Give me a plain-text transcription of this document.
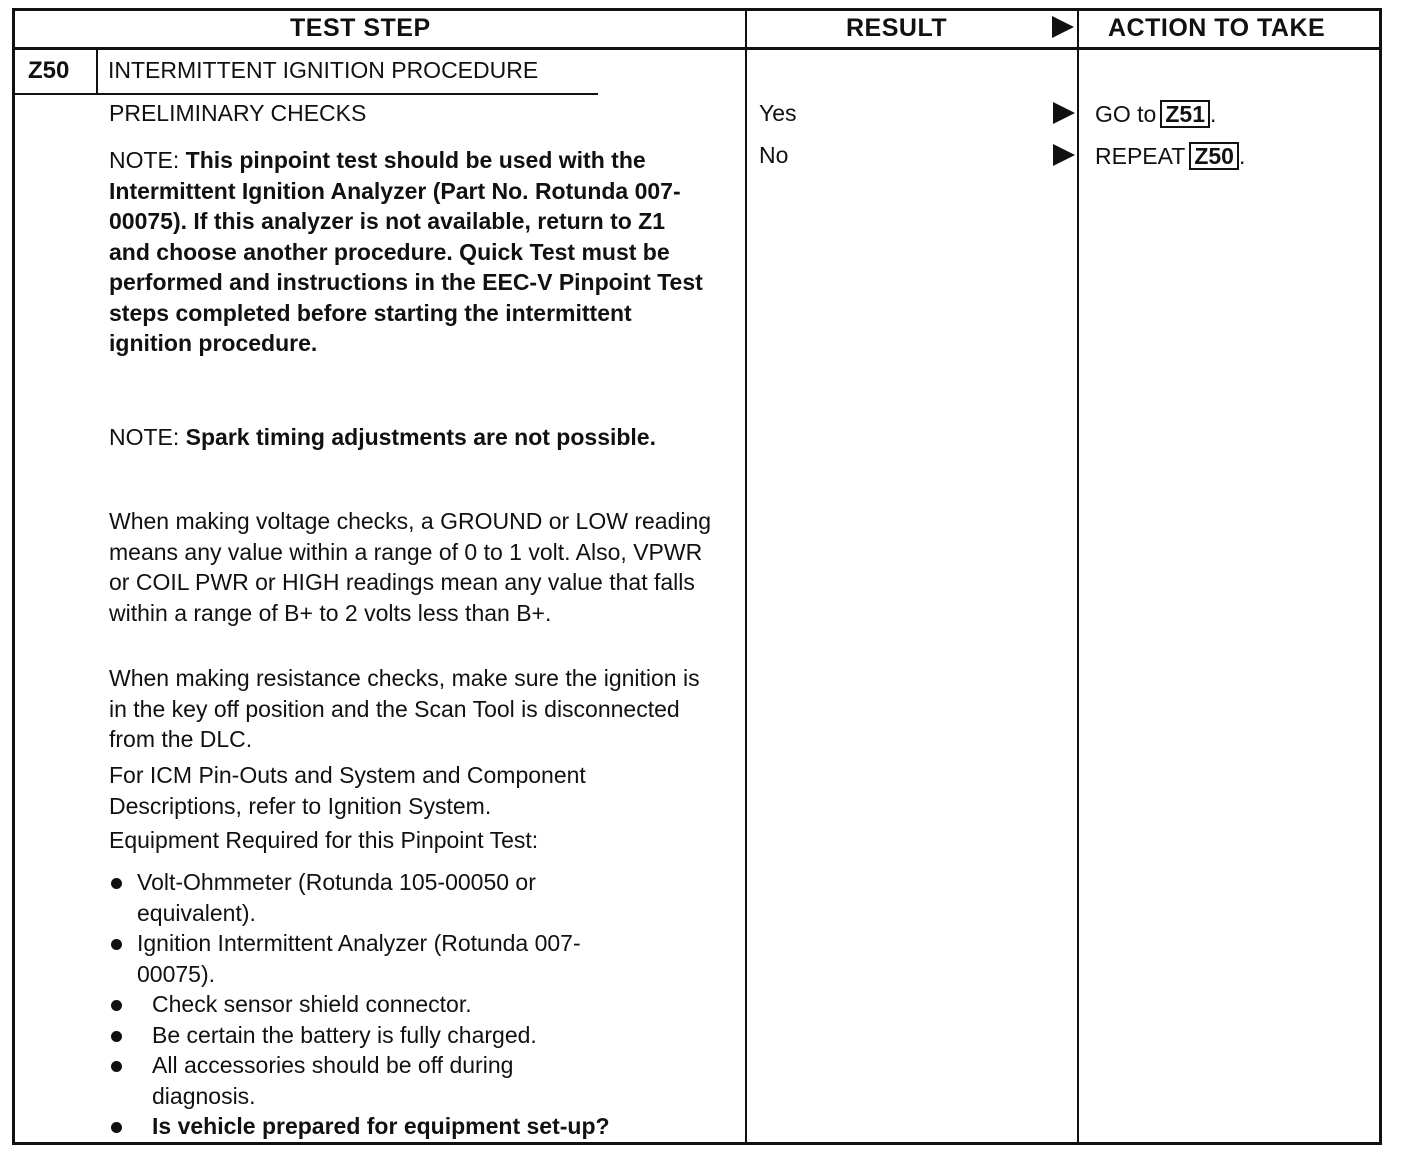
TEST STEP	RESULT	ACTION TO TAKE
Z50 INTERMITTENT IGNITION PROCEDURE

PRELIMINARY CHECKS

NOTE: This pinpoint test should be used with the Intermittent Ignition Analyzer (Part No. Rotunda 007-00075). If this analyzer is not available, return to Z1 and choose another procedure. Quick Test must be performed and instructions in the EEC-V Pinpoint Test steps completed before starting the intermittent ignition procedure.

NOTE: Spark timing adjustments are not possible.

When making voltage checks, a GROUND or LOW reading means any value within a range of 0 to 1 volt. Also, VPWR or COIL PWR or HIGH readings mean any value that falls within a range of B+ to 2 volts less than B+.

When making resistance checks, make sure the ignition is in the key off position and the Scan Tool is disconnected from the DLC.

For ICM Pin-Outs and System and Component Descriptions, refer to Ignition System.

Equipment Required for this Pinpoint Test:

Volt-Ohmmeter (Rotunda 105-00050 or equivalent).
Ignition Intermittent Analyzer (Rotunda 007-00075).
Check sensor shield connector.
Be certain the battery is fully charged.
All accessories should be off during diagnosis.
Is vehicle prepared for equipment set-up?
Yes	GO to Z51 .
No	REPEAT Z50 .
